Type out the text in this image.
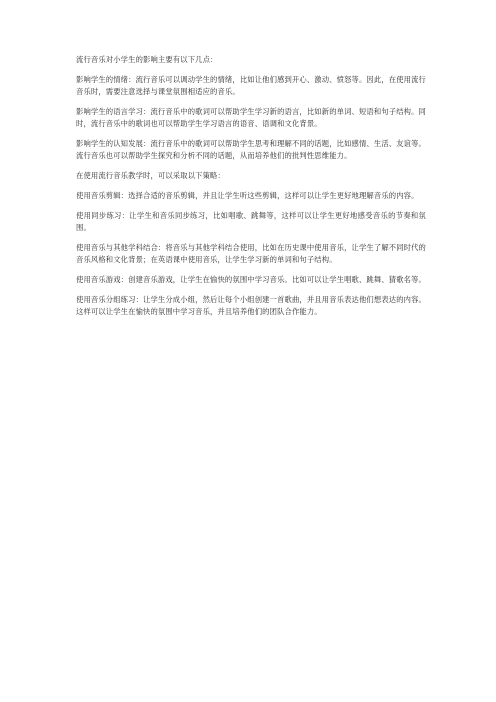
流行音乐对小学生的影响主要有以下几点：

影响学生的情绪：流行音乐可以调动学生的情绪，比如让他们感到开心、激动、愤怒等。因此，在使用流行音乐时，需要注意选择与课堂氛围相适应的音乐。

影响学生的语言学习：流行音乐中的歌词可以帮助学生学习新的语言，比如新的单词、短语和句子结构。同时，流行音乐中的歌词也可以帮助学生学习语言的语音、语调和文化背景。

影响学生的认知发展：流行音乐中的歌词可以帮助学生思考和理解不同的话题，比如感情、生活、友谊等。流行音乐也可以帮助学生探究和分析不同的话题，从而培养他们的批判性思维能力。

在使用流行音乐教学时，可以采取以下策略：

使用音乐剪辑：选择合适的音乐剪辑，并且让学生听这些剪辑，这样可以让学生更好地理解音乐的内容。

使用同步练习：让学生和音乐同步练习，比如唱歌、跳舞等，这样可以让学生更好地感受音乐的节奏和氛围。

使用音乐与其他学科结合：将音乐与其他学科结合使用，比如在历史课中使用音乐，让学生了解不同时代的音乐风格和文化背景；在英语课中使用音乐，让学生学习新的单词和句子结构。

使用音乐游戏：创建音乐游戏，让学生在愉快的氛围中学习音乐。比如可以让学生唱歌、跳舞、猜歌名等。

使用音乐分组练习：让学生分成小组，然后让每个小组创建一首歌曲，并且用音乐表达他们想表达的内容。这样可以让学生在愉快的氛围中学习音乐，并且培养他们的团队合作能力。
